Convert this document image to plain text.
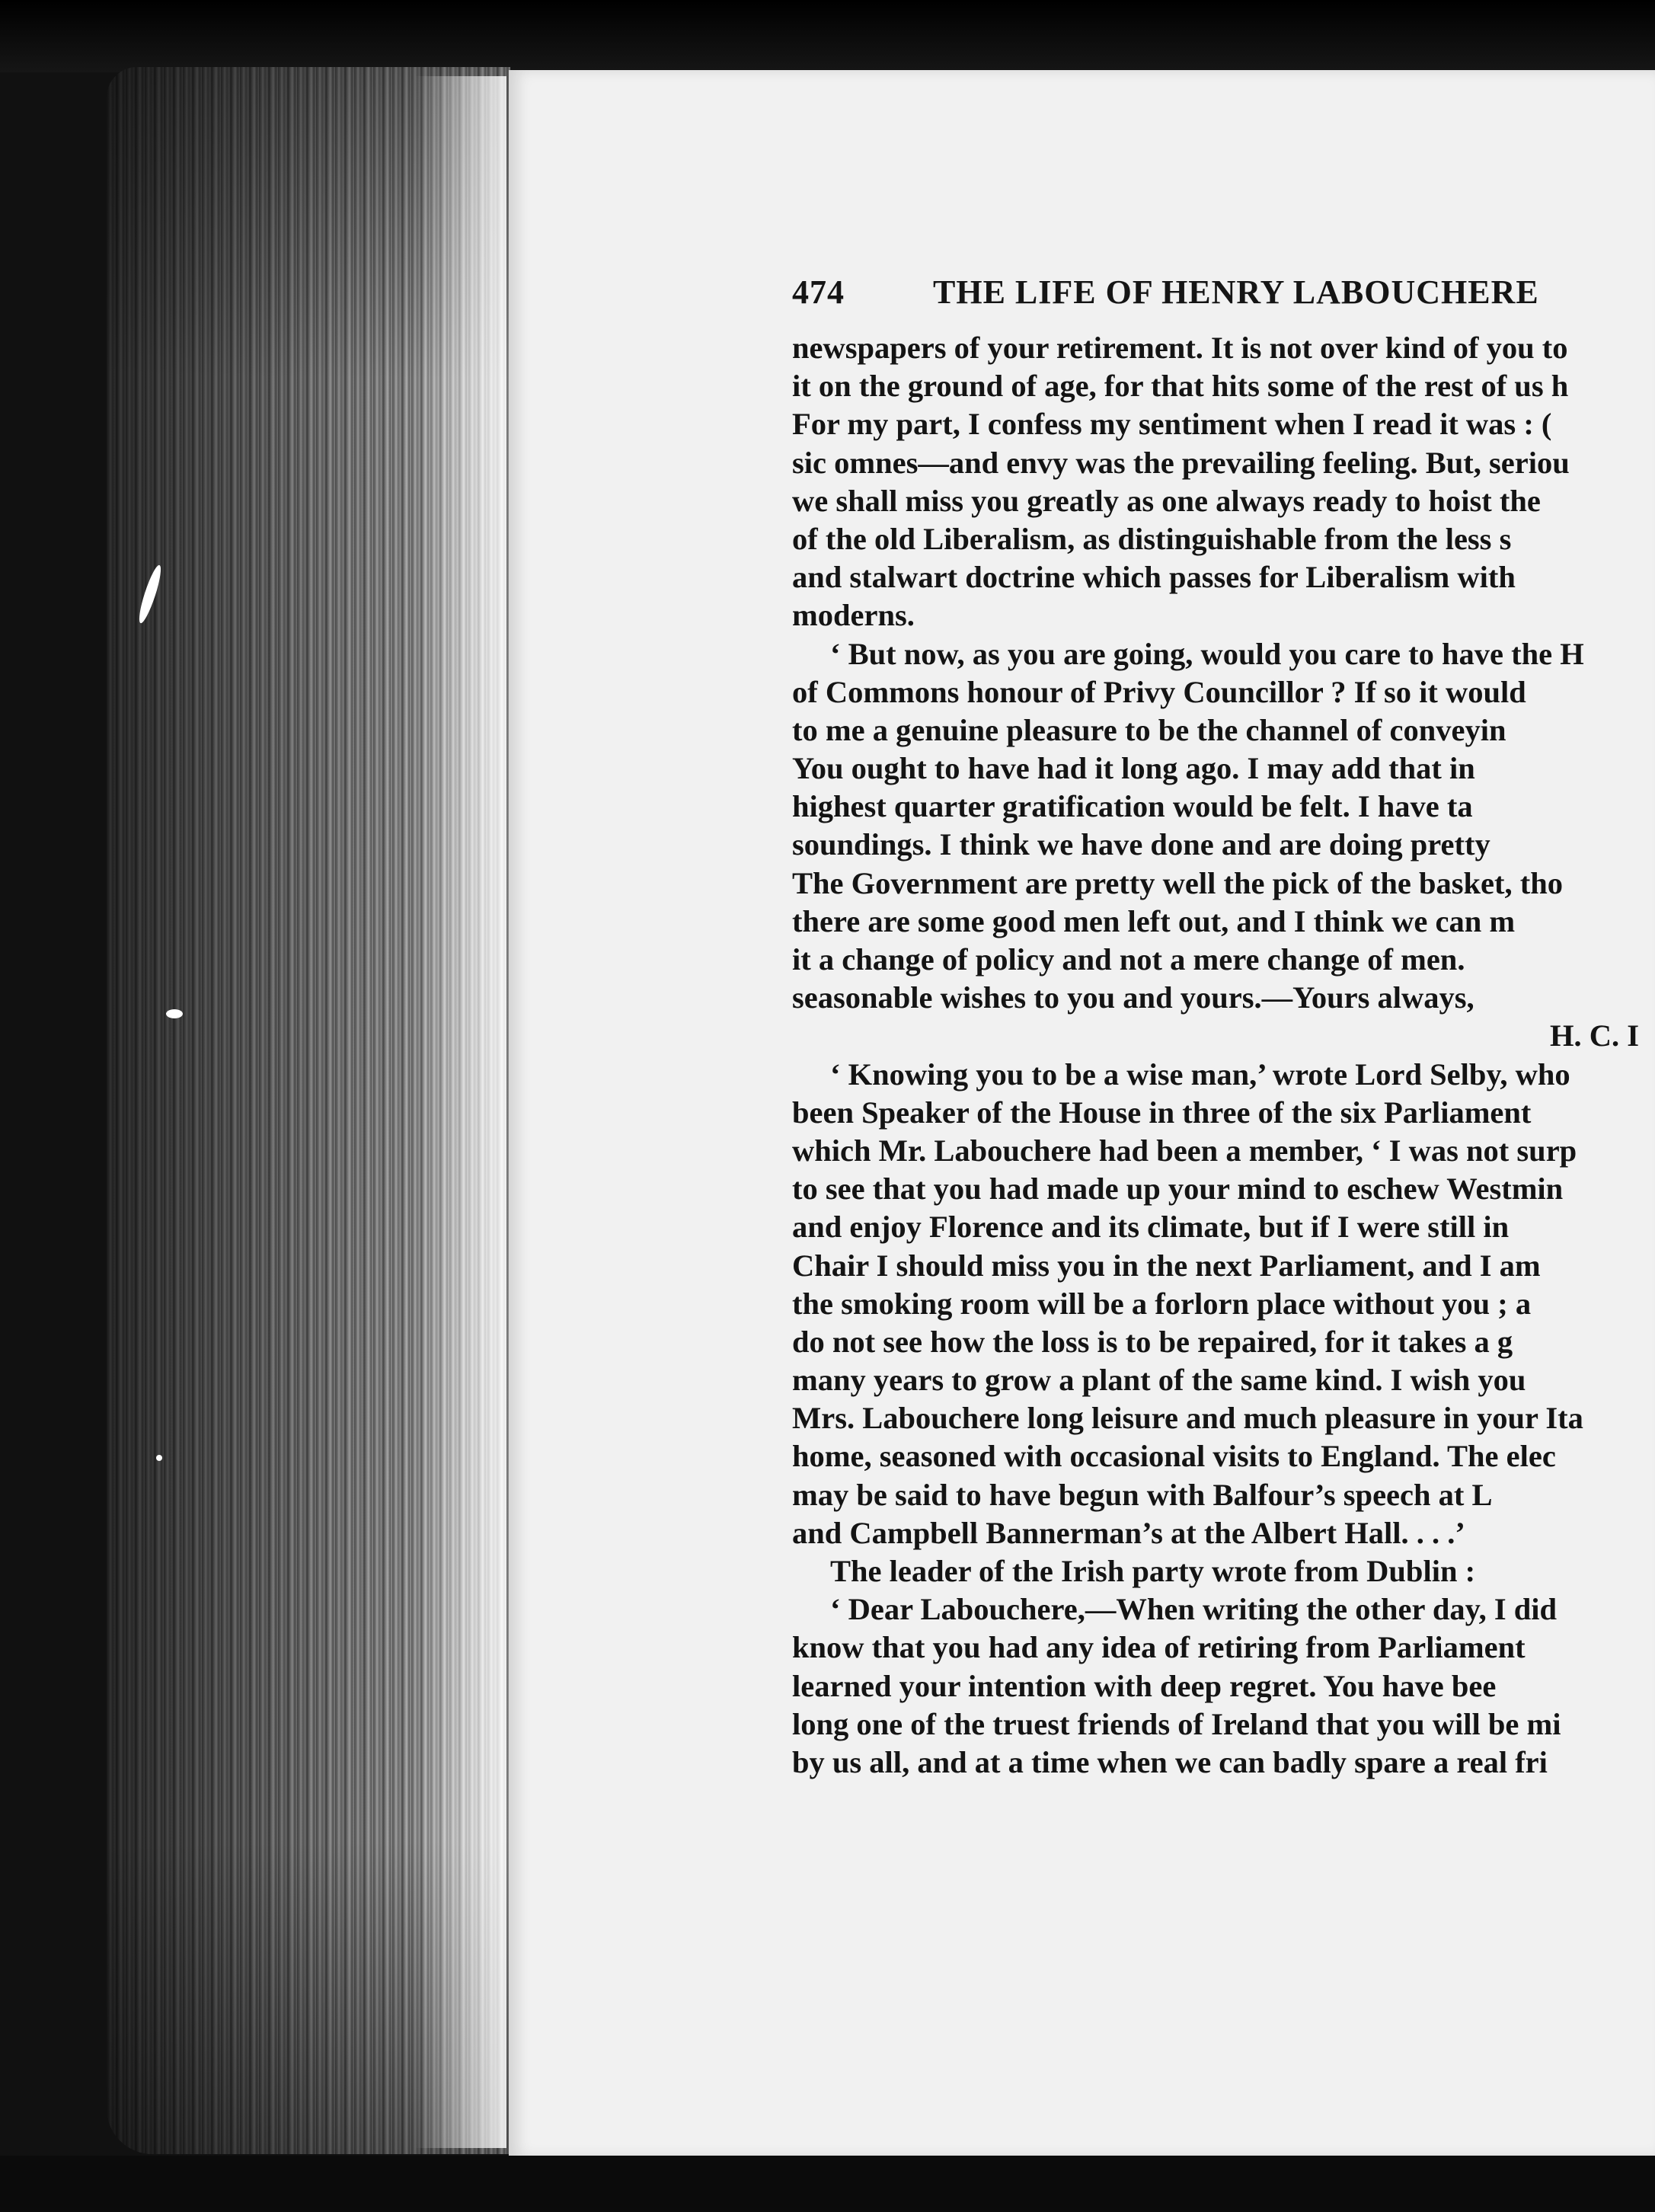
474	THE LIFE OF HENRY LABOUCHERE
newspapers of your retirement. It is not over kind of you to
it on the ground of age, for that hits some of the rest of us h
For my part, I confess my sentiment when I read it was : (
sic omnes—and envy was the prevailing feeling. But, seriou
we shall miss you greatly as one always ready to hoist the
of the old Liberalism, as distinguishable from the less s
and stalwart doctrine which passes for Liberalism with
moderns.
‘ But now, as you are going, would you care to have the H
of Commons honour of Privy Councillor ? If so it would
to me a genuine pleasure to be the channel of conveyin
You ought to have had it long ago. I may add that in
highest quarter gratification would be felt. I have ta
soundings. I think we have done and are doing pretty
The Government are pretty well the pick of the basket, tho
there are some good men left out, and I think we can m
it a change of policy and not a mere change of men.
seasonable wishes to you and yours.—Yours always,
H. C. I
‘ Knowing you to be a wise man,’ wrote Lord Selby, who
been Speaker of the House in three of the six Parliament
which Mr. Labouchere had been a member, ‘ I was not surp
to see that you had made up your mind to eschew Westmin
and enjoy Florence and its climate, but if I were still in
Chair I should miss you in the next Parliament, and I am
the smoking room will be a forlorn place without you ; a
do not see how the loss is to be repaired, for it takes a g
many years to grow a plant of the same kind. I wish you
Mrs. Labouchere long leisure and much pleasure in your Ita
home, seasoned with occasional visits to England. The elec
may be said to have begun with Balfour’s speech at L
and Campbell Bannerman’s at the Albert Hall. . . .’
The leader of the Irish party wrote from Dublin :
‘ Dear Labouchere,—When writing the other day, I did
know that you had any idea of retiring from Parliament
learned your intention with deep regret. You have bee
long one of the truest friends of Ireland that you will be mi
by us all, and at a time when we can badly spare a real fri
